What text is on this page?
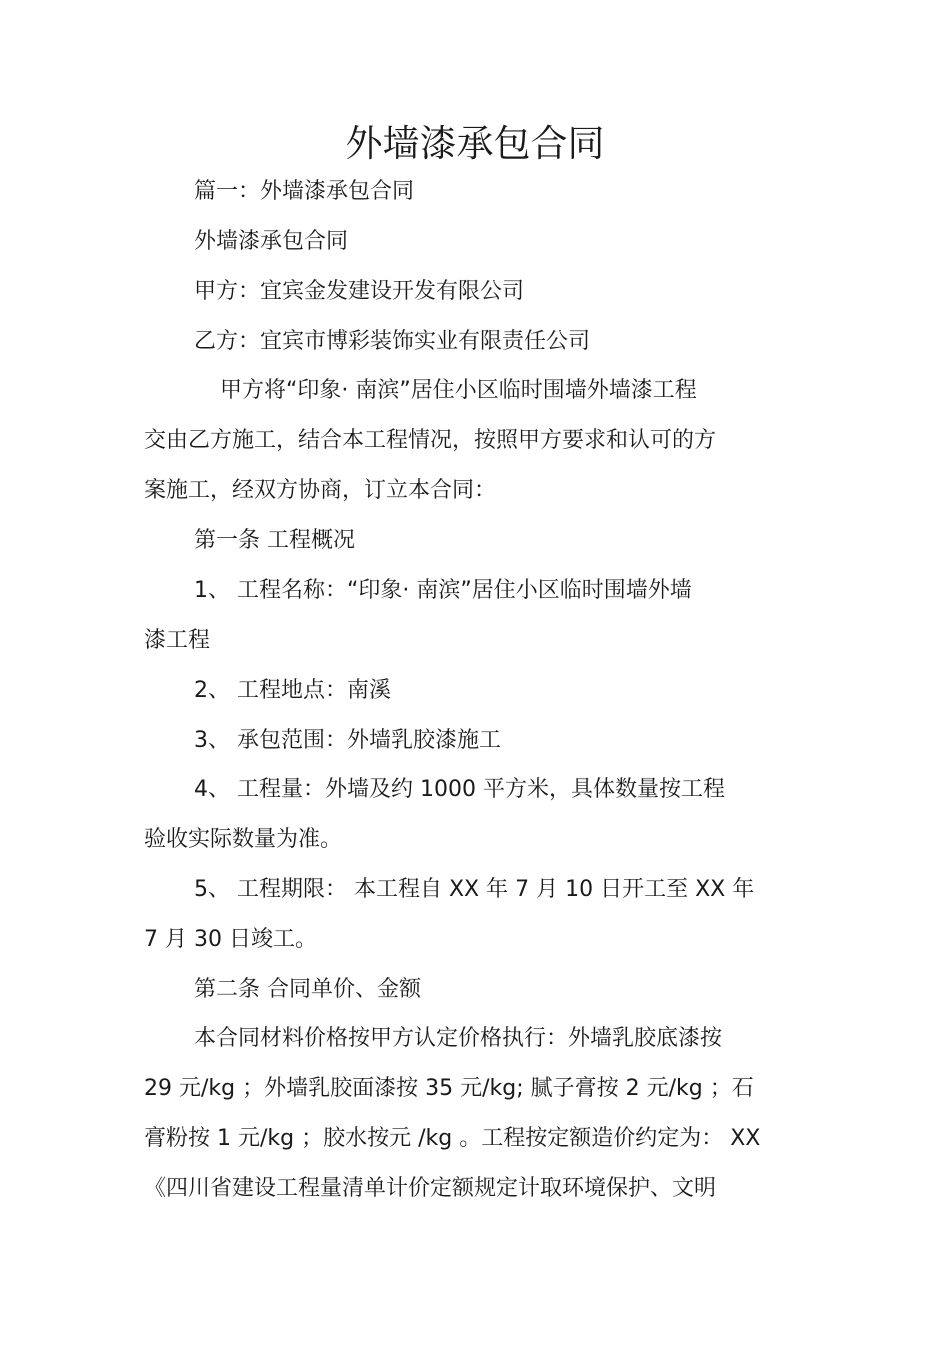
外墙漆承包合同
篇一：外墙漆承包合同
外墙漆承包合同
甲方：宜宾金发建设开发有限公司
乙方：宜宾市博彩装饰实业有限责任公司
甲方将“印象· 南滨”居住小区临时围墙外墙漆工程
交由乙方施工，结合本工程情况，按照甲方要求和认可的方
案施工，经双方协商，订立本合同：
第一条 工程概况
1、 工程名称：“印象· 南滨”居住小区临时围墙外墙
漆工程
2、 工程地点：南溪
3、 承包范围：外墙乳胶漆施工
4、 工程量：外墙及约 1000 平方米，具体数量按工程
验收实际数量为准。
5、 工程期限： 本工程自 XX 年 7 月 10 日开工至 XX 年
7 月 30 日竣工。
第二条 合同单价、金额
本合同材料价格按甲方认定价格执行：外墙乳胶底漆按
29 元/kg ；外墙乳胶面漆按 35 元/kg; 腻子膏按 2 元/kg ；石
膏粉按 1 元/kg ；胶水按元 /kg 。工程按定额造价约定为： XX
《四川省建设工程量清单计价定额规定计取环境保护、文明
